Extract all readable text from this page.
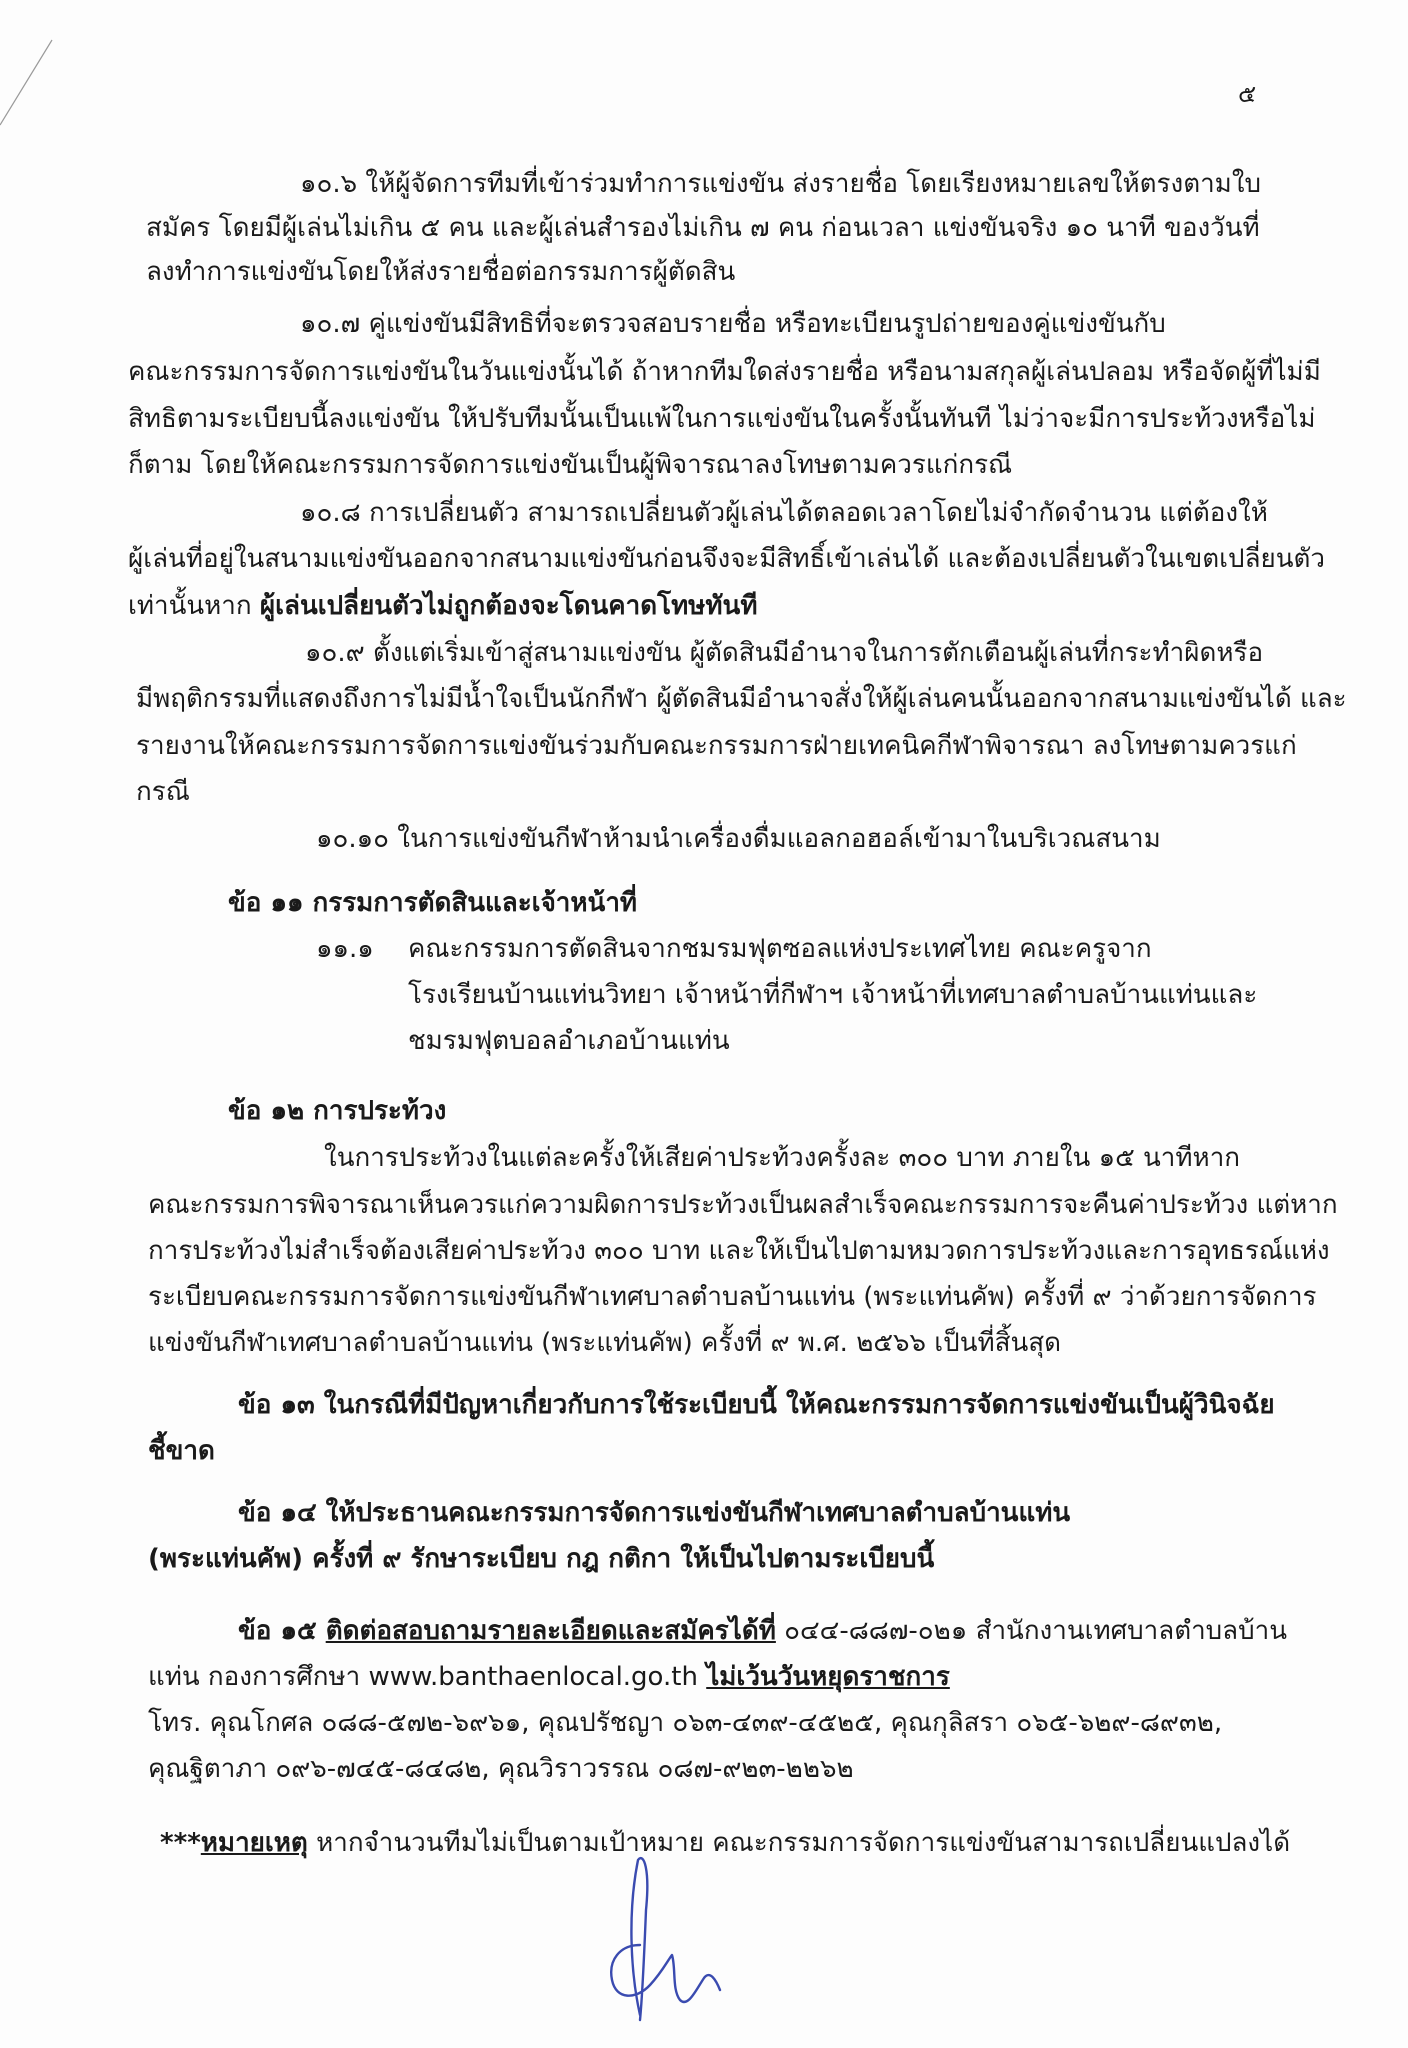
๕
๑๐.๖ ให้ผู้จัดการทีมที่เข้าร่วมทำการแข่งขัน ส่งรายชื่อ โดยเรียงหมายเลขให้ตรงตามใบ
สมัคร โดยมีผู้เล่นไม่เกิน ๕ คน และผู้เล่นสำรองไม่เกิน ๗ คน ก่อนเวลา แข่งขันจริง ๑๐ นาที ของวันที่
ลงทำการแข่งขันโดยให้ส่งรายชื่อต่อกรรมการผู้ตัดสิน
๑๐.๗ คู่แข่งขันมีสิทธิที่จะตรวจสอบรายชื่อ หรือทะเบียนรูปถ่ายของคู่แข่งขันกับ
คณะกรรมการจัดการแข่งขันในวันแข่งนั้นได้ ถ้าหากทีมใดส่งรายชื่อ หรือนามสกุลผู้เล่นปลอม หรือจัดผู้ที่ไม่มี
สิทธิตามระเบียบนี้ลงแข่งขัน ให้ปรับทีมนั้นเป็นแพ้ในการแข่งขันในครั้งนั้นทันที ไม่ว่าจะมีการประท้วงหรือไม่
ก็ตาม โดยให้คณะกรรมการจัดการแข่งขันเป็นผู้พิจารณาลงโทษตามควรแก่กรณี
๑๐.๘ การเปลี่ยนตัว สามารถเปลี่ยนตัวผู้เล่นได้ตลอดเวลาโดยไม่จำกัดจำนวน แต่ต้องให้
ผู้เล่นที่อยู่ในสนามแข่งขันออกจากสนามแข่งขันก่อนจึงจะมีสิทธิ์เข้าเล่นได้ และต้องเปลี่ยนตัวในเขตเปลี่ยนตัว
เท่านั้นหาก ผู้เล่นเปลี่ยนตัวไม่ถูกต้องจะโดนคาดโทษทันที
๑๐.๙ ตั้งแต่เริ่มเข้าสู่สนามแข่งขัน ผู้ตัดสินมีอำนาจในการตักเตือนผู้เล่นที่กระทำผิดหรือ
มีพฤติกรรมที่แสดงถึงการไม่มีน้ำใจเป็นนักกีฬา ผู้ตัดสินมีอำนาจสั่งให้ผู้เล่นคนนั้นออกจากสนามแข่งขันได้ และ
รายงานให้คณะกรรมการจัดการแข่งขันร่วมกับคณะกรรมการฝ่ายเทคนิคกีฬาพิจารณา ลงโทษตามควรแก่
กรณี
๑๐.๑๐ ในการแข่งขันกีฬาห้ามนำเครื่องดื่มแอลกอฮอล์เข้ามาในบริเวณสนาม
ข้อ ๑๑ กรรมการตัดสินและเจ้าหน้าที่
๑๑.๑ คณะกรรมการตัดสินจากชมรมฟุตซอลแห่งประเทศไทย คณะครูจาก
โรงเรียนบ้านแท่นวิทยา เจ้าหน้าที่กีฬาฯ เจ้าหน้าที่เทศบาลตำบลบ้านแท่นและ
ชมรมฟุตบอลอำเภอบ้านแท่น
ข้อ ๑๒ การประท้วง
ในการประท้วงในแต่ละครั้งให้เสียค่าประท้วงครั้งละ ๓๐๐ บาท ภายใน ๑๕ นาทีหาก
คณะกรรมการพิจารณาเห็นควรแก่ความผิดการประท้วงเป็นผลสำเร็จคณะกรรมการจะคืนค่าประท้วง แต่หาก
การประท้วงไม่สำเร็จต้องเสียค่าประท้วง ๓๐๐ บาท และให้เป็นไปตามหมวดการประท้วงและการอุทธรณ์แห่ง
ระเบียบคณะกรรมการจัดการแข่งขันกีฬาเทศบาลตำบลบ้านแท่น (พระแท่นคัพ) ครั้งที่ ๙ ว่าด้วยการจัดการ
แข่งขันกีฬาเทศบาลตำบลบ้านแท่น (พระแท่นคัพ) ครั้งที่ ๙ พ.ศ. ๒๕๖๖ เป็นที่สิ้นสุด
ข้อ ๑๓ ในกรณีที่มีปัญหาเกี่ยวกับการใช้ระเบียบนี้ ให้คณะกรรมการจัดการแข่งขันเป็นผู้วินิจฉัย
ชี้ขาด
ข้อ ๑๔ ให้ประธานคณะกรรมการจัดการแข่งขันกีฬาเทศบาลตำบลบ้านแท่น
(พระแท่นคัพ) ครั้งที่ ๙ รักษาระเบียบ กฎ กติกา ให้เป็นไปตามระเบียบนี้
ข้อ ๑๕ ติดต่อสอบถามรายละเอียดและสมัครได้ที่ ๐๔๔-๘๘๗-๐๒๑ สำนักงานเทศบาลตำบลบ้าน
แท่น กองการศึกษา www.banthaenlocal.go.th ไม่เว้นวันหยุดราชการ
โทร. คุณโกศล ๐๘๘-๕๗๒-๖๙๖๑, คุณปรัชญา ๐๖๓-๔๓๙-๔๕๒๕, คุณกุลิสรา ๐๖๕-๖๒๙-๘๙๓๒,
คุณฐิตาภา ๐๙๖-๗๔๕-๘๔๘๒, คุณวิราวรรณ ๐๘๗-๙๒๓-๒๒๖๒
***หมายเหตุ หากจำนวนทีมไม่เป็นตามเป้าหมาย คณะกรรมการจัดการแข่งขันสามารถเปลี่ยนแปลงได้
